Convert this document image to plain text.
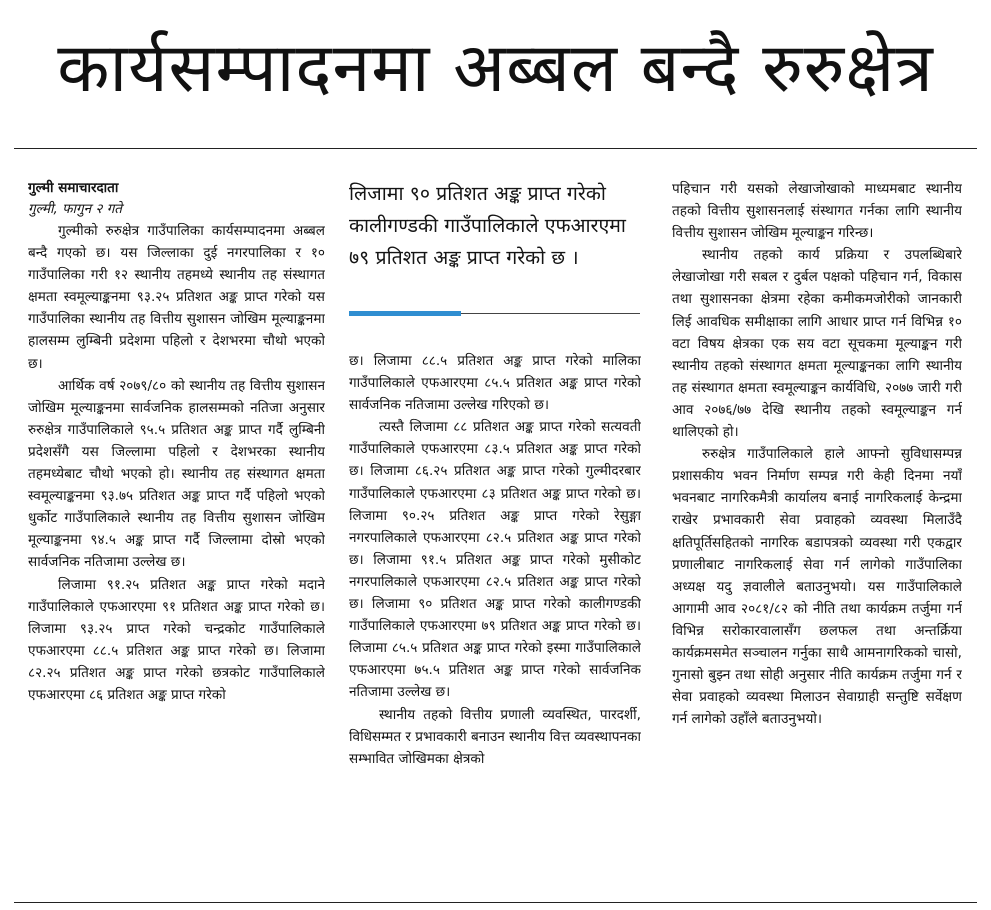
कार्यसम्पादनमा अब्बल बन्दै रुरुक्षेत्र

गुल्मी समाचारदाता

गुल्मी, फागुन २ गते

गुल्मीको रुरुक्षेत्र गाउँपालिका कार्यसम्पादनमा अब्बल बन्दै गएको छ। यस जिल्लाका दुई नगरपालिका र १० गाउँपालिका गरी १२ स्थानीय तहमध्ये स्थानीय तह संस्थागत क्षमता स्वमूल्याङ्कनमा ९३.२५ प्रतिशत अङ्क प्राप्त गरेको यस गाउँपालिका स्थानीय तह वित्तीय सुशासन जोखिम मूल्याङ्कनमा हालसम्म लुम्बिनी प्रदेशमा पहिलो र देशभरमा चौथो भएको छ।

आर्थिक वर्ष २०७९/८० को स्थानीय तह वित्तीय सुशासन जोखिम मूल्याङ्कनमा सार्वजनिक हालसम्मको नतिजा अनुसार रुरुक्षेत्र गाउँपालिकाले ९५.५ प्रतिशत अङ्क प्राप्त गर्दै लुम्बिनी प्रदेशसँगै यस जिल्लामा पहिलो र देशभरका स्थानीय तहमध्येबाट चौथो भएको हो। स्थानीय तह संस्थागत क्षमता स्वमूल्याङ्कनमा ९३.७५ प्रतिशत अङ्क प्राप्त गर्दै पहिलो भएको धुर्कोट गाउँपालिकाले स्थानीय तह वित्तीय सुशासन जोखिम मूल्याङ्कनमा ९४.५ अङ्क प्राप्त गर्दै जिल्लामा दोस्रो भएको सार्वजनिक नतिजामा उल्लेख छ।

लिजामा ९१.२५ प्रतिशत अङ्क प्राप्त गरेको मदाने गाउँपालिकाले एफआरएमा ९१ प्रतिशत अङ्क प्राप्त गरेको छ। लिजामा ९३.२५ प्राप्त गरेको चन्द्रकोट गाउँपालिकाले एफआरएमा ८८.५ प्रतिशत अङ्क प्राप्त गरेको छ। लिजामा ८२.२५ प्रतिशत अङ्क प्राप्त गरेको छत्रकोट गाउँपालिकाले एफआरएमा ८६ प्रतिशत अङ्क प्राप्त गरेको

लिजामा ९० प्रतिशत अङ्क प्राप्त गरेको कालीगण्डकी गाउँपालिकाले एफआरएमा ७९ प्रतिशत अङ्क प्राप्त गरेको छ ।

छ। लिजामा ८८.५ प्रतिशत अङ्क प्राप्त गरेको मालिका गाउँपालिकाले एफआरएमा ८५.५ प्रतिशत अङ्क प्राप्त गरेको सार्वजनिक नतिजामा उल्लेख गरिएको छ।

त्यस्तै लिजामा ८८ प्रतिशत अङ्क प्राप्त गरेको सत्यवती गाउँपालिकाले एफआरएमा ८३.५ प्रतिशत अङ्क प्राप्त गरेको छ। लिजामा ८६.२५ प्रतिशत अङ्क प्राप्त गरेको गुल्मीदरबार गाउँपालिकाले एफआरएमा ८३ प्रतिशत अङ्क प्राप्त गरेको छ। लिजामा ९०.२५ प्रतिशत अङ्क प्राप्त गरेको रेसुङ्गा नगरपालिकाले एफआरएमा ८२.५ प्रतिशत अङ्क प्राप्त गरेको छ। लिजामा ९१.५ प्रतिशत अङ्क प्राप्त गरेको मुसीकोट नगरपालिकाले एफआरएमा ८२.५ प्रतिशत अङ्क प्राप्त गरेको छ। लिजामा ९० प्रतिशत अङ्क प्राप्त गरेको कालीगण्डकी गाउँपालिकाले एफआरएमा ७९ प्रतिशत अङ्क प्राप्त गरेको छ। लिजामा ८५.५ प्रतिशत अङ्क प्राप्त गरेको इस्मा गाउँपालिकाले एफआरएमा ७५.५ प्रतिशत अङ्क प्राप्त गरेको सार्वजनिक नतिजामा उल्लेख छ।

स्थानीय तहको वित्तीय प्रणाली व्यवस्थित, पारदर्शी, विधिसम्मत र प्रभावकारी बनाउन स्थानीय वित्त व्यवस्थापनका सम्भावित जोखिमका क्षेत्रको

पहिचान गरी यसको लेखाजोखाको माध्यमबाट स्थानीय तहको वित्तीय सुशासनलाई संस्थागत गर्नका लागि स्थानीय वित्तीय सुशासन जोखिम मूल्याङ्कन गरिन्छ।

स्थानीय तहको कार्य प्रक्रिया र उपलब्धिबारे लेखाजोखा गरी सबल र दुर्बल पक्षको पहिचान गर्न, विकास तथा सुशासनका क्षेत्रमा रहेका कमीकमजोरीको जानकारी लिई आवधिक समीक्षाका लागि आधार प्राप्त गर्न विभिन्न १० वटा विषय क्षेत्रका एक सय वटा सूचकमा मूल्याङ्कन गरी स्थानीय तहको संस्थागत क्षमता मूल्याङ्कनका लागि स्थानीय तह संस्थागत क्षमता स्वमूल्याङ्कन कार्यविधि, २०७७ जारी गरी आव २०७६/७७ देखि स्थानीय तहको स्वमूल्याङ्कन गर्न थालिएको हो।

रुरुक्षेत्र गाउँपालिकाले हाले आफ्नो सुविधासम्पन्न प्रशासकीय भवन निर्माण सम्पन्न गरी केही दिनमा नयाँ भवनबाट नागरिकमैत्री कार्यालय बनाई नागरिकलाई केन्द्रमा राखेर प्रभावकारी सेवा प्रवाहको व्यवस्था मिलाउँदै क्षतिपूर्तिसहितको नागरिक बडापत्रको व्यवस्था गरी एकद्वार प्रणालीबाट नागरिकलाई सेवा गर्न लागेको गाउँपालिका अध्यक्ष यदु ज्ञवालीले बताउनुभयो। यस गाउँपालिकाले आगामी आव २०८१/८२ को नीति तथा कार्यक्रम तर्जुमा गर्न विभिन्न सरोकारवालासँग छलफल तथा अन्तर्क्रिया कार्यक्रमसमेत सञ्चालन गर्नुका साथै आमनागरिकको चासो, गुनासो बुझ्न तथा सोही अनुसार नीति कार्यक्रम तर्जुमा गर्न र सेवा प्रवाहको व्यवस्था मिलाउन सेवाग्राही सन्तुष्टि सर्वेक्षण गर्न लागेको उहाँले बताउनुभयो।
